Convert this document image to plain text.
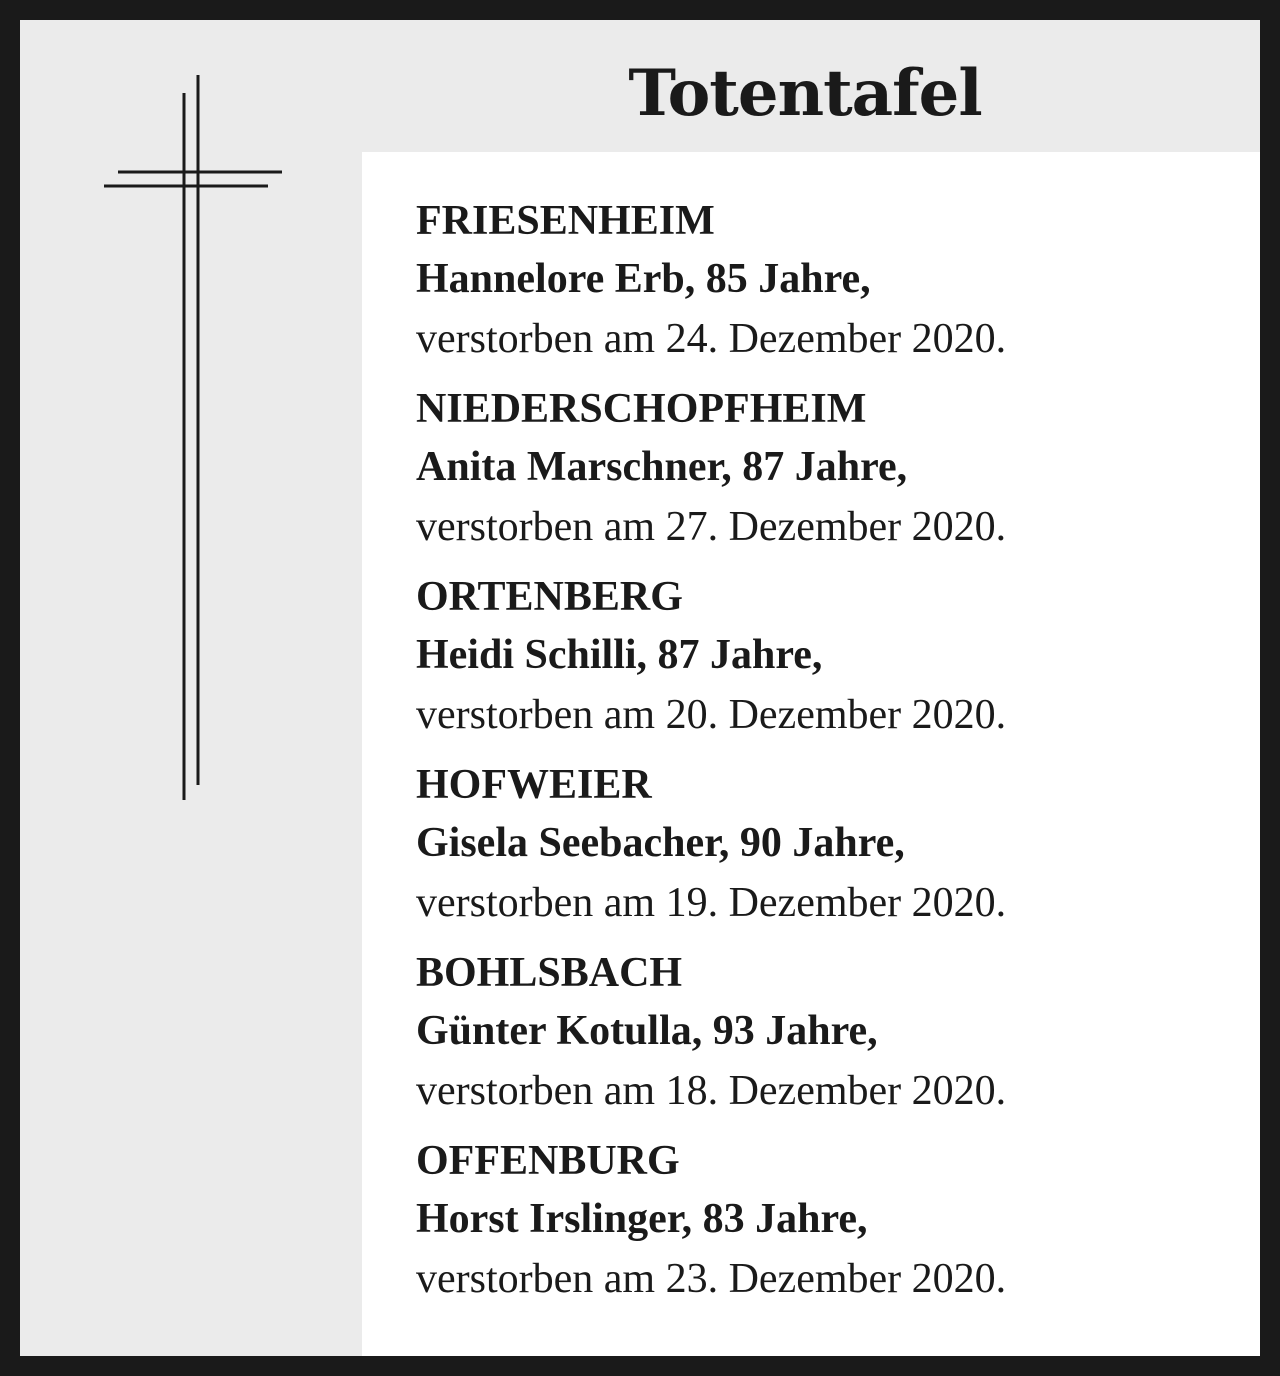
Totentafel
FRIESENHEIM
Hannelore Erb, 85 Jahre,
verstorben am 24. Dezember 2020.
NIEDERSCHOPFHEIM
Anita Marschner, 87 Jahre,
verstorben am 27. Dezember 2020.
ORTENBERG
Heidi Schilli, 87 Jahre,
verstorben am 20. Dezember 2020.
HOFWEIER
Gisela Seebacher, 90 Jahre,
verstorben am 19. Dezember 2020.
BOHLSBACH
Günter Kotulla, 93 Jahre,
verstorben am 18. Dezember 2020.
OFFENBURG
Horst Irslinger, 83 Jahre,
verstorben am 23. Dezember 2020.
